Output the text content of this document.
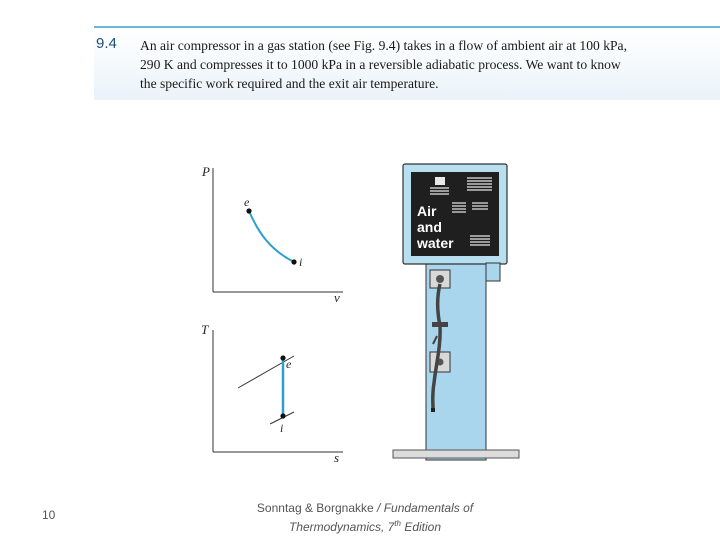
9.4 An air compressor in a gas station (see Fig. 9.4) takes in a flow of ambient air at 100 kPa,
290 K and compresses it to 1000 kPa in a reversible adiabatic process. We want to know
the specific work required and the exit air temperature.
P
v
e
i
T
s
e
i
Air
and
water
10	Sonntag & Borgnakke / Fundamentals of Thermodynamics, 7th Edition
